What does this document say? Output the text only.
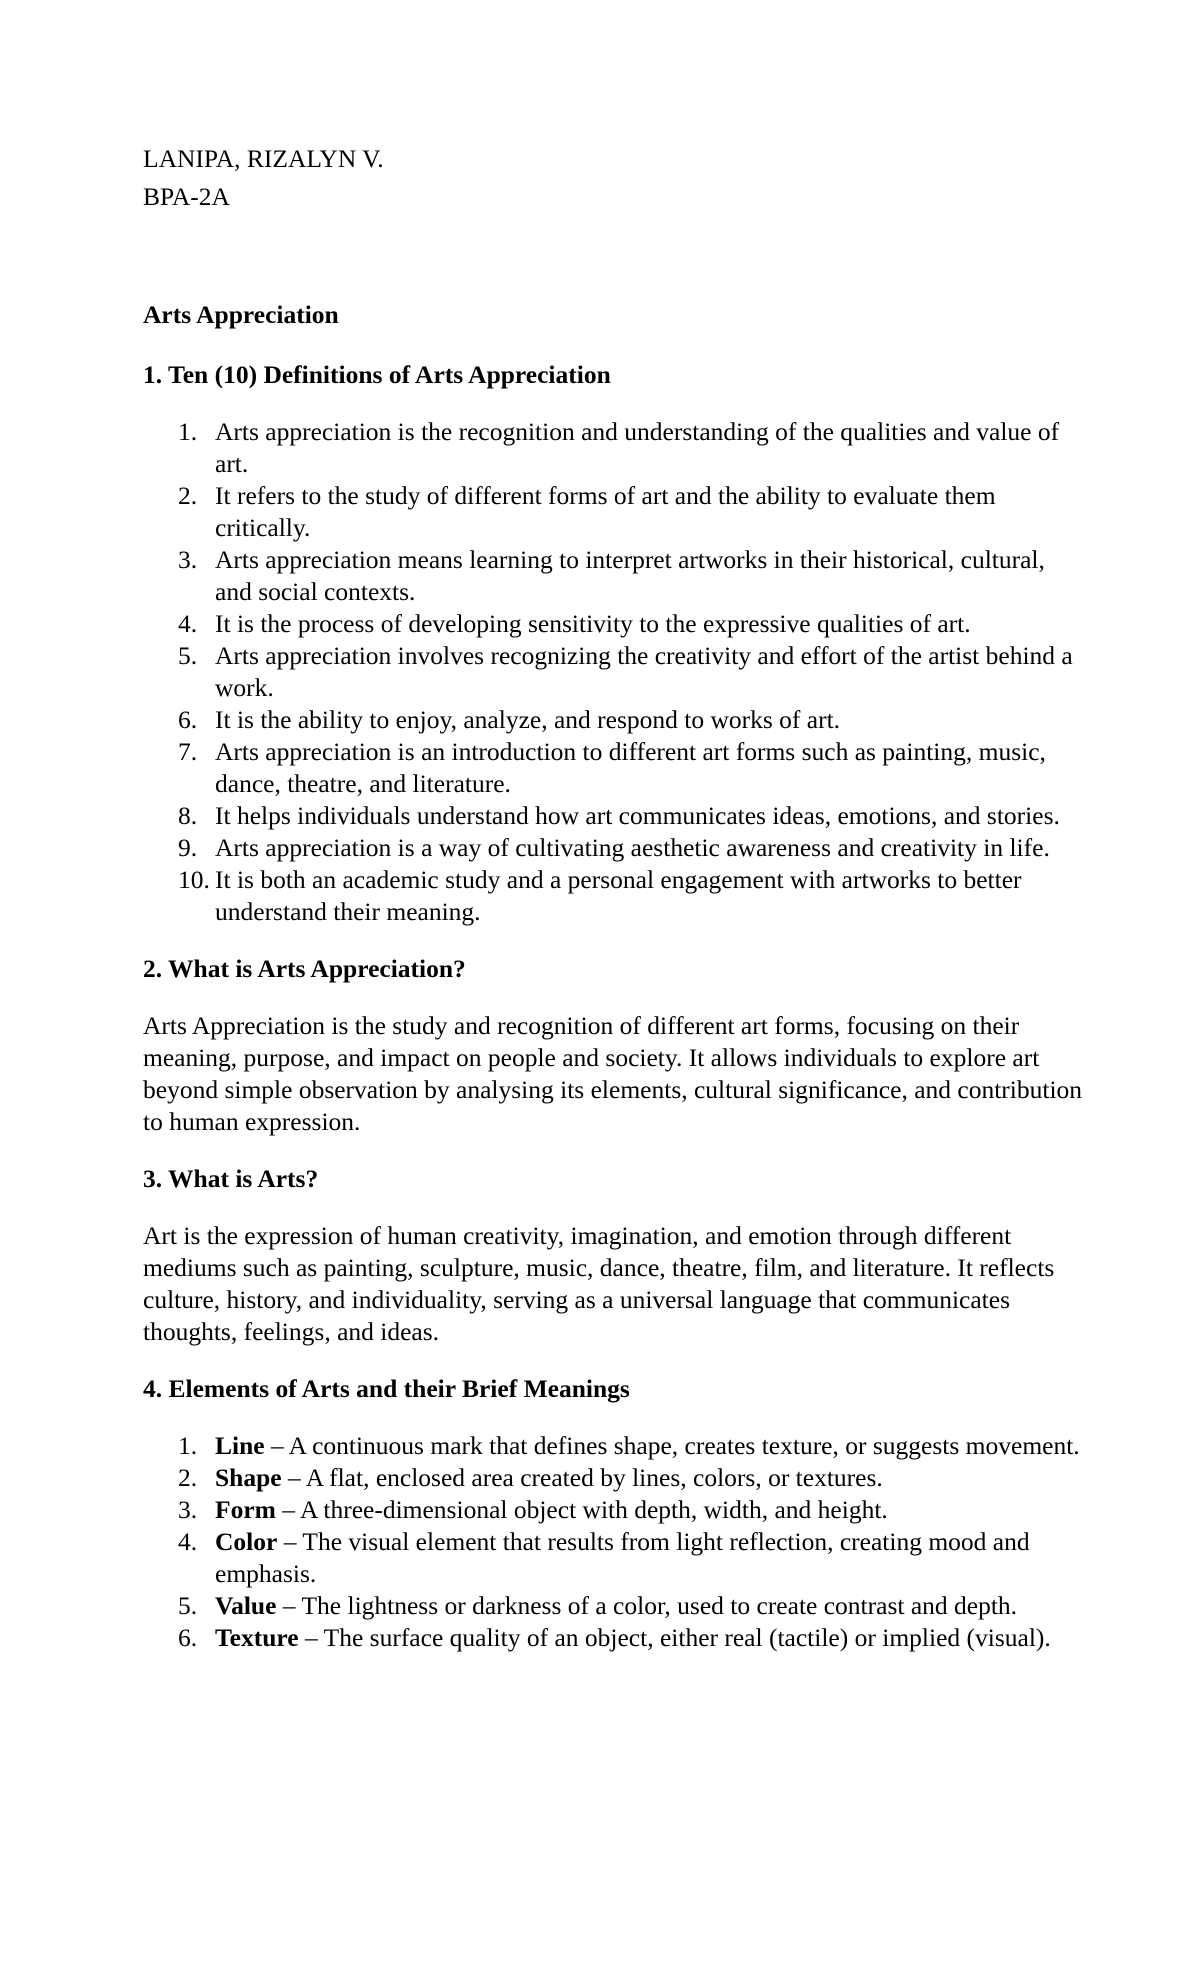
LANIPA, RIZALYN V.

BPA-2A

Arts Appreciation

1. Ten (10) Definitions of Arts Appreciation

1. Arts appreciation is the recognition and understanding of the qualities and value of art.
2. It refers to the study of different forms of art and the ability to evaluate them critically.
3. Arts appreciation means learning to interpret artworks in their historical, cultural, and social contexts.
4. It is the process of developing sensitivity to the expressive qualities of art.
5. Arts appreciation involves recognizing the creativity and effort of the artist behind a work.
6. It is the ability to enjoy, analyze, and respond to works of art.
7. Arts appreciation is an introduction to different art forms such as painting, music, dance, theatre, and literature.
8. It helps individuals understand how art communicates ideas, emotions, and stories.
9. Arts appreciation is a way of cultivating aesthetic awareness and creativity in life.
10. It is both an academic study and a personal engagement with artworks to better understand their meaning.

2. What is Arts Appreciation?

Arts Appreciation is the study and recognition of different art forms, focusing on their meaning, purpose, and impact on people and society. It allows individuals to explore art beyond simple observation by analysing its elements, cultural significance, and contribution to human expression.

3. What is Arts?

Art is the expression of human creativity, imagination, and emotion through different mediums such as painting, sculpture, music, dance, theatre, film, and literature. It reflects culture, history, and individuality, serving as a universal language that communicates thoughts, feelings, and ideas.

4. Elements of Arts and their Brief Meanings

1. Line – A continuous mark that defines shape, creates texture, or suggests movement.
2. Shape – A flat, enclosed area created by lines, colors, or textures.
3. Form – A three-dimensional object with depth, width, and height.
4. Color – The visual element that results from light reflection, creating mood and emphasis.
5. Value – The lightness or darkness of a color, used to create contrast and depth.
6. Texture – The surface quality of an object, either real (tactile) or implied (visual).
